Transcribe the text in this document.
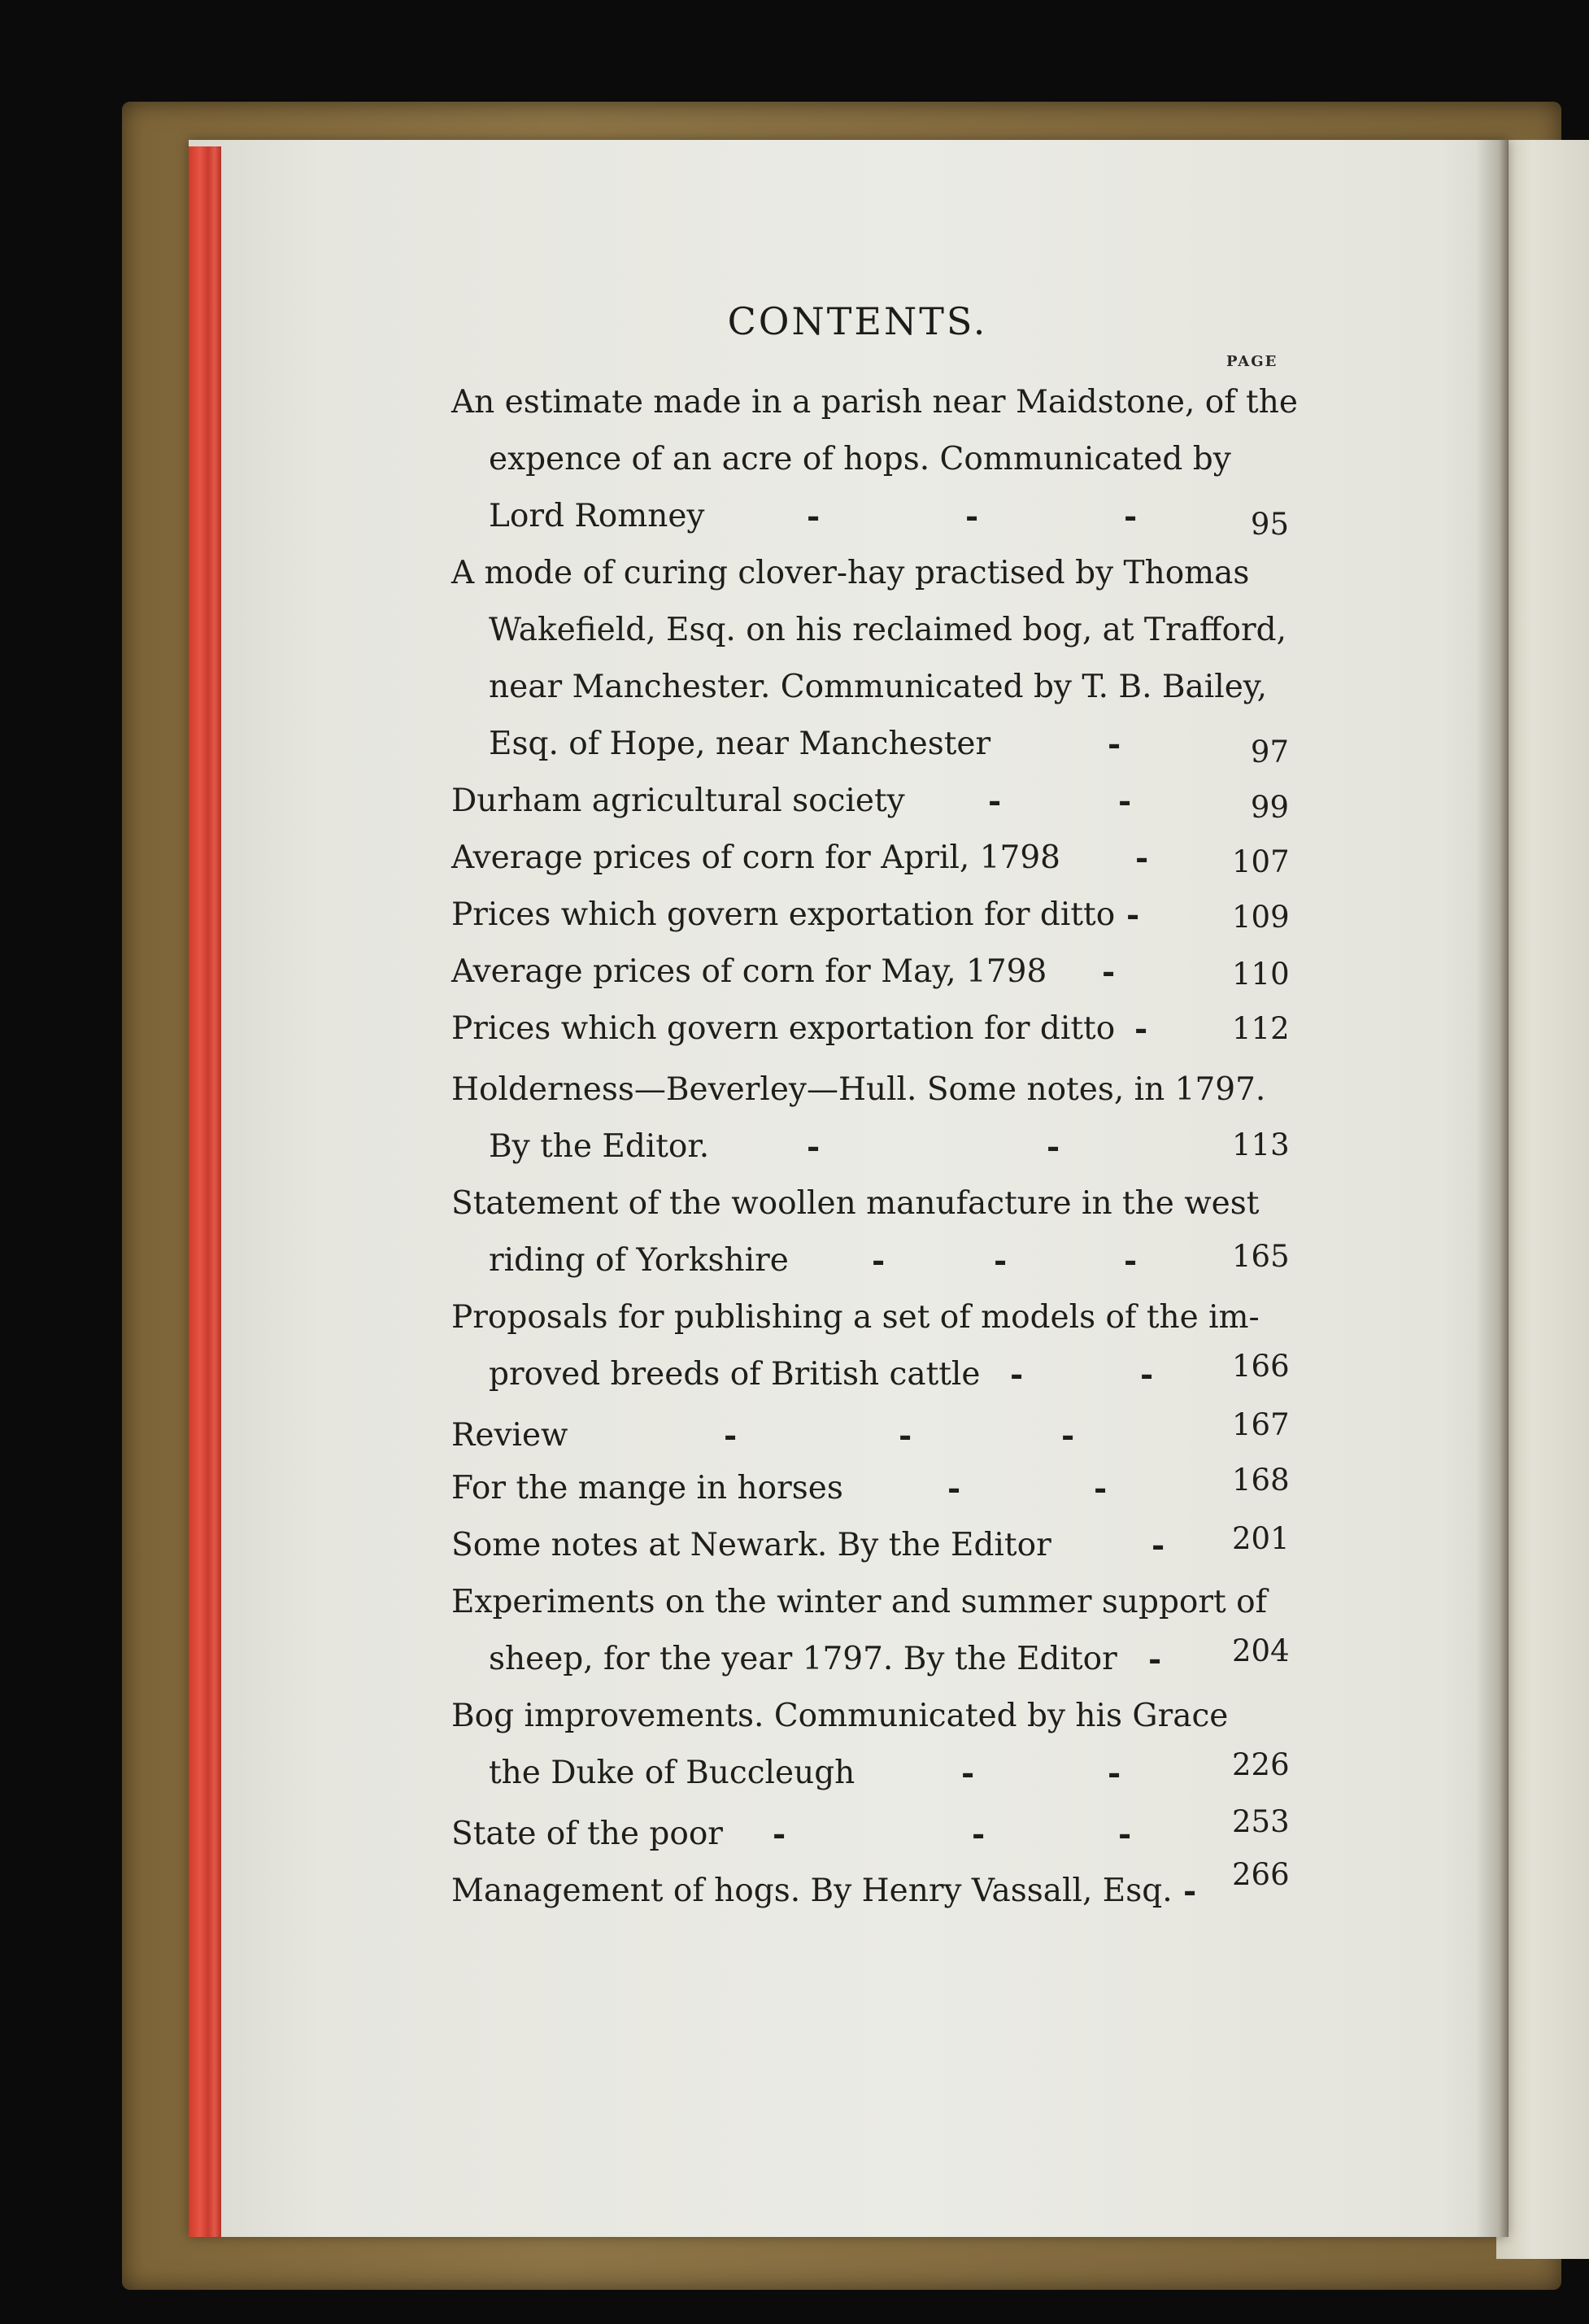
CONTENTS.
PAGE
An estimate made in a parish near Maidstone, of the
expence of an acre of hops. Communicated by
Lord Romney	-	-	-	95
A mode of curing clover-hay practised by Thomas
Wakefield, Esq. on his reclaimed bog, at Trafford,
near Manchester. Communicated by T. B. Bailey,
Esq. of Hope, near Manchester	-	97
Durham agricultural society	-	-	99
Average prices of corn for April, 1798 -	107
Prices which govern exportation for ditto -	109
Average prices of corn for May, 1798 -	110
Prices which govern exportation for ditto -	112
Holderness—Beverley—Hull. Some notes, in 1797.
By the Editor.	-	-	113
Statement of the woollen manufacture in the west
riding of Yorkshire	-	-	-	165
Proposals for publishing a set of models of the im-
proved breeds of British cattle -	-	166
Review	-	-	-	167
For the mange in horses	-	-	168
Some notes at Newark. By the Editor	- 201
Experiments on the winter and summer support of
sheep, for the year 1797. By the Editor - 204
Bog improvements. Communicated by his Grace
the Duke of Buccleugh	-	-	226
State of the poor -	-	-	253
Management of hogs. By Henry Vassall, Esq. - 266
